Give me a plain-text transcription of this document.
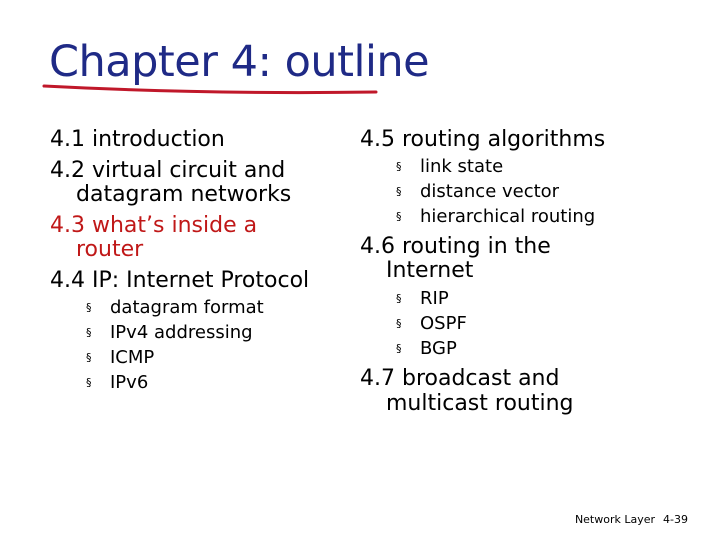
Chapter 4: outline
4.1 introduction
4.2 virtual circuit and
datagram networks
4.3 what’s inside a
router
4.4 IP: Internet Protocol
§ datagram format
§ IPv4 addressing
§ ICMP
§ IPv6
4.5 routing algorithms
§ link state
§ distance vector
§ hierarchical routing
4.6 routing in the
Internet
§ RIP
§ OSPF
§ BGP
4.7 broadcast and
multicast routing
Network Layer 4-39
